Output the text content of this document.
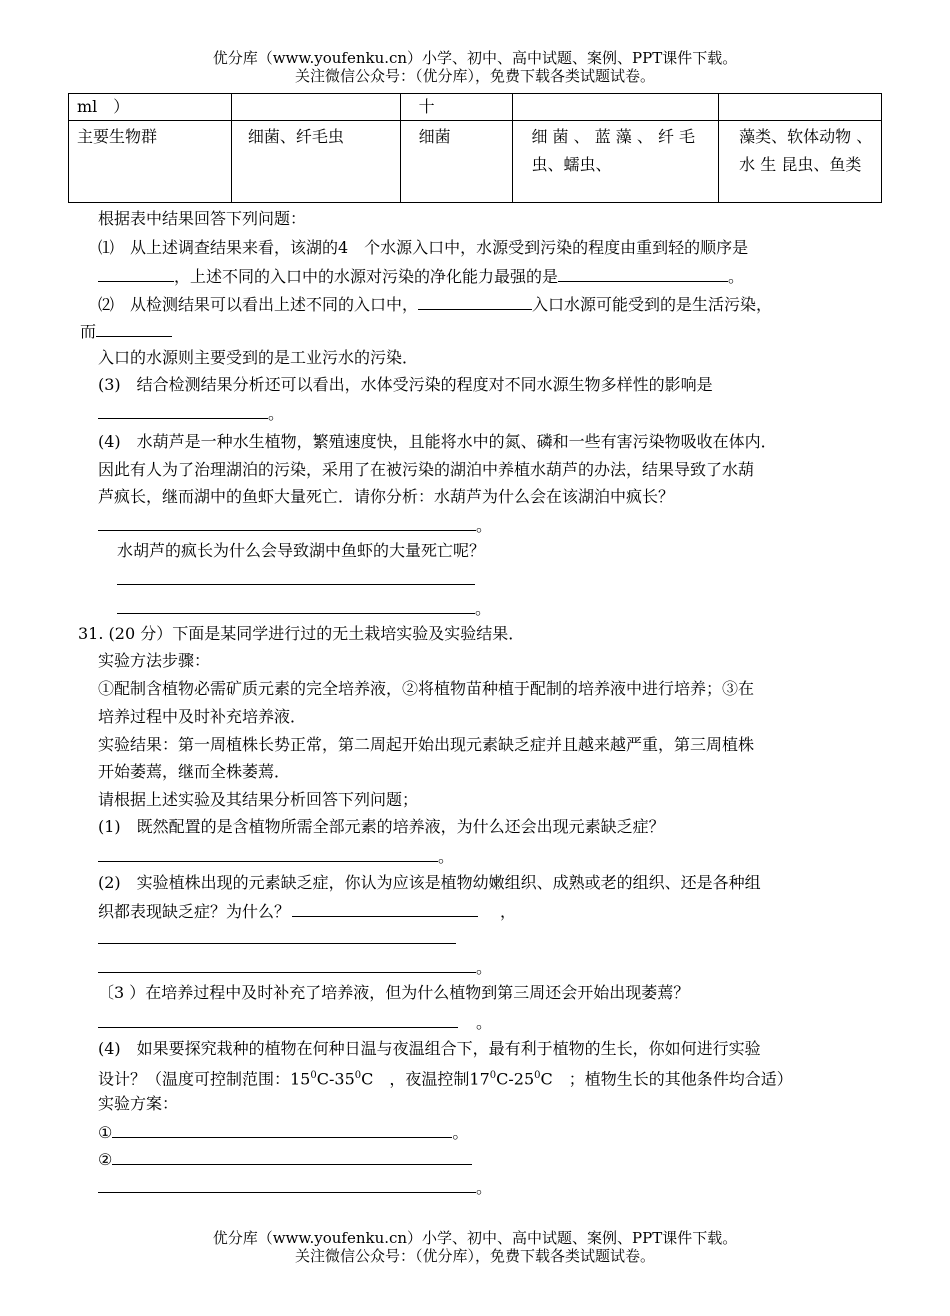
优分库（www.youfenku.cn）小学、初中、高中试题、案例、PPT课件下载。
关注微信公众号：（优分库），免费下载各类试题试卷。
ml　）		十		
主要生物群	细菌、纤毛虫	细菌	细 菌 、 蓝 藻 、 纤 毛 虫、蠕虫、	藻类、软体动物 、 水 生 昆虫、鱼类
根据表中结果回答下列问题：
⑴　从上述调查结果来看，该湖的4　个水源入口中，水源受到污染的程度由重到轻的顺序是
，上述不同的入口中的水源对污染的净化能力最强的是	。
⑵　从检测结果可以看出上述不同的入口中，	入口水源可能受到的是生活污染，
而
入口的水源则主要受到的是工业污水的污染．
(3)　结合检测结果分析还可以看出，水体受污染的程度对不同水源生物多样性的影响是
。
(4)　水葫芦是一种水生植物，繁殖速度快，且能将水中的氮、磷和一些有害污染物吸收在体内．
因此有人为了治理湖泊的污染，采用了在被污染的湖泊中养植水葫芦的办法，结果导致了水葫
芦疯长，继而湖中的鱼虾大量死亡．请你分析：水葫芦为什么会在该湖泊中疯长？
。
水胡芦的疯长为什么会导致湖中鱼虾的大量死亡呢？
。
31. (20 分）下面是某同学进行过的无土栽培实验及实验结果．
实验方法步骤：
①配制含植物必需矿质元素的完全培养液，②将植物苗种植于配制的培养液中进行培养；③在
培养过程中及时补充培养液．
实验结果：第一周植株长势正常，第二周起开始出现元素缺乏症并且越来越严重，第三周植株
开始萎蔫，继而全株萎蔫．
请根据上述实验及其结果分析回答下列问题；
(1)　既然配置的是含植物所需全部元素的培养液，为什么还会出现元素缺乏症？
。
(2)　实验植株出现的元素缺乏症，你认为应该是植物幼嫩组织、成熟或老的组织、还是各种组
织都表现缺乏症？为什么？	，
。
〔3 ）在培养过程中及时补充了培养液，但为什么植物到第三周还会开始出现萎蔫？
。
(4)　如果要探究栽种的植物在何种日温与夜温组合下，最有利于植物的生长，你如何进行实验
设计？（温度可控制范围：$15^0C-35^0C$　，夜温控制$17^0C-25^0C$　；植物生长的其他条件均合适）
实验方案：
①	。
②
。
优分库（www.youfenku.cn）小学、初中、高中试题、案例、PPT课件下载。
关注微信公众号：（优分库），免费下载各类试题试卷。
